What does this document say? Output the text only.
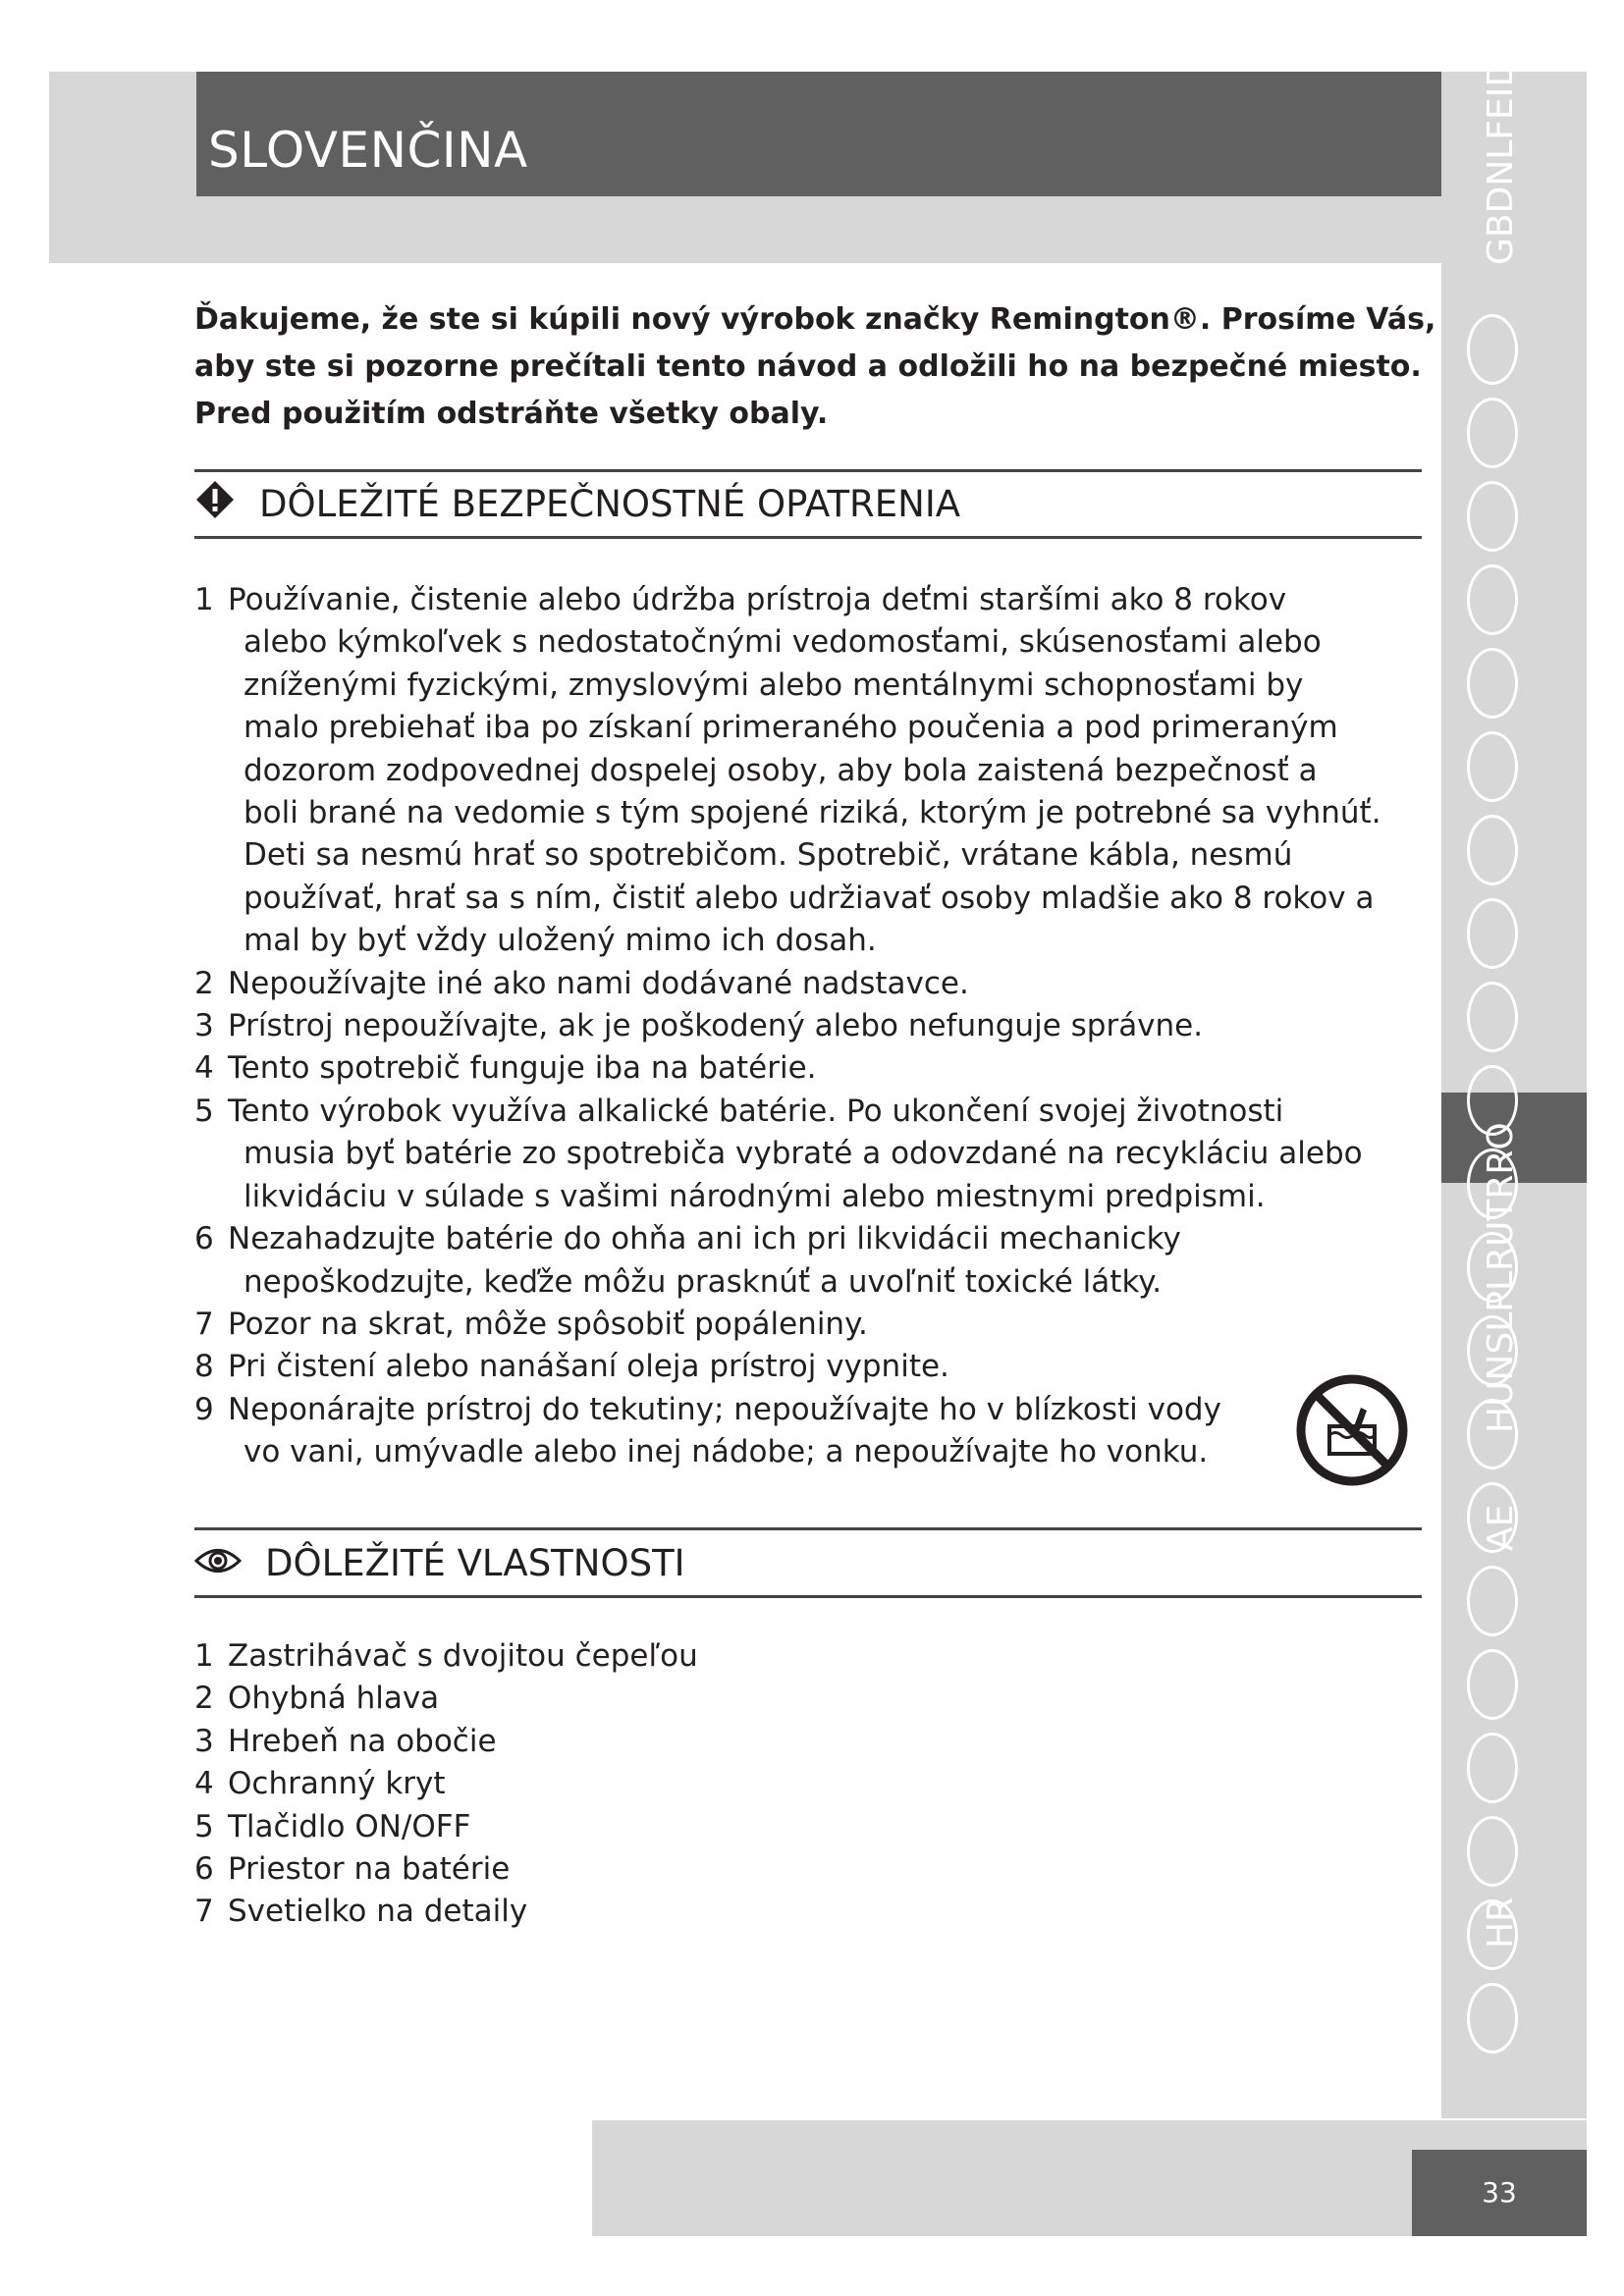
SLOVENČINA
33
GBDNLFEIDK
HUNSLPLRUTRRO
AE
HR
Ďakujeme, že ste si kúpili nový výrobok značky Remington®. Prosíme Vás,
aby ste si pozorne prečítali tento návod a odložili ho na bezpečné miesto.
Pred použitím odstráňte všetky obaly.
DÔLEŽITÉ BEZPEČNOSTNÉ OPATRENIA
1 Používanie, čistenie alebo údržba prístroja deťmi staršími ako 8 rokov
alebo kýmkoľvek s nedostatočnými vedomosťami, skúsenosťami alebo
zníženými fyzickými, zmyslovými alebo mentálnymi schopnosťami by
malo prebiehať iba po získaní primeraného poučenia a pod primeraným
dozorom zodpovednej dospelej osoby, aby bola zaistená bezpečnosť a
boli brané na vedomie s tým spojené riziká, ktorým je potrebné sa vyhnúť.
Deti sa nesmú hrať so spotrebičom. Spotrebič, vrátane kábla, nesmú
používať, hrať sa s ním, čistiť alebo udržiavať osoby mladšie ako 8 rokov a
mal by byť vždy uložený mimo ich dosah.
2 Nepoužívajte iné ako nami dodávané nadstavce.
3 Prístroj nepoužívajte, ak je poškodený alebo nefunguje správne.
4 Tento spotrebič funguje iba na batérie.
5 Tento výrobok využíva alkalické batérie. Po ukončení svojej životnosti
musia byť batérie zo spotrebiča vybraté a odovzdané na recykláciu alebo
likvidáciu v súlade s vašimi národnými alebo miestnymi predpismi.
6 Nezahadzujte batérie do ohňa ani ich pri likvidácii mechanicky
nepoškodzujte, keďže môžu prasknúť a uvoľniť toxické látky.
7 Pozor na skrat, môže spôsobiť popáleniny.
8 Pri čistení alebo nanášaní oleja prístroj vypnite.
9 Neponárajte prístroj do tekutiny; nepoužívajte ho v blízkosti vody
vo vani, umývadle alebo inej nádobe; a nepoužívajte ho vonku.
DÔLEŽITÉ VLASTNOSTI
1 Zastrihávač s dvojitou čepeľou
2 Ohybná hlava
3 Hrebeň na obočie
4 Ochranný kryt
5 Tlačidlo ON/OFF
6 Priestor na batérie
7 Svetielko na detaily
